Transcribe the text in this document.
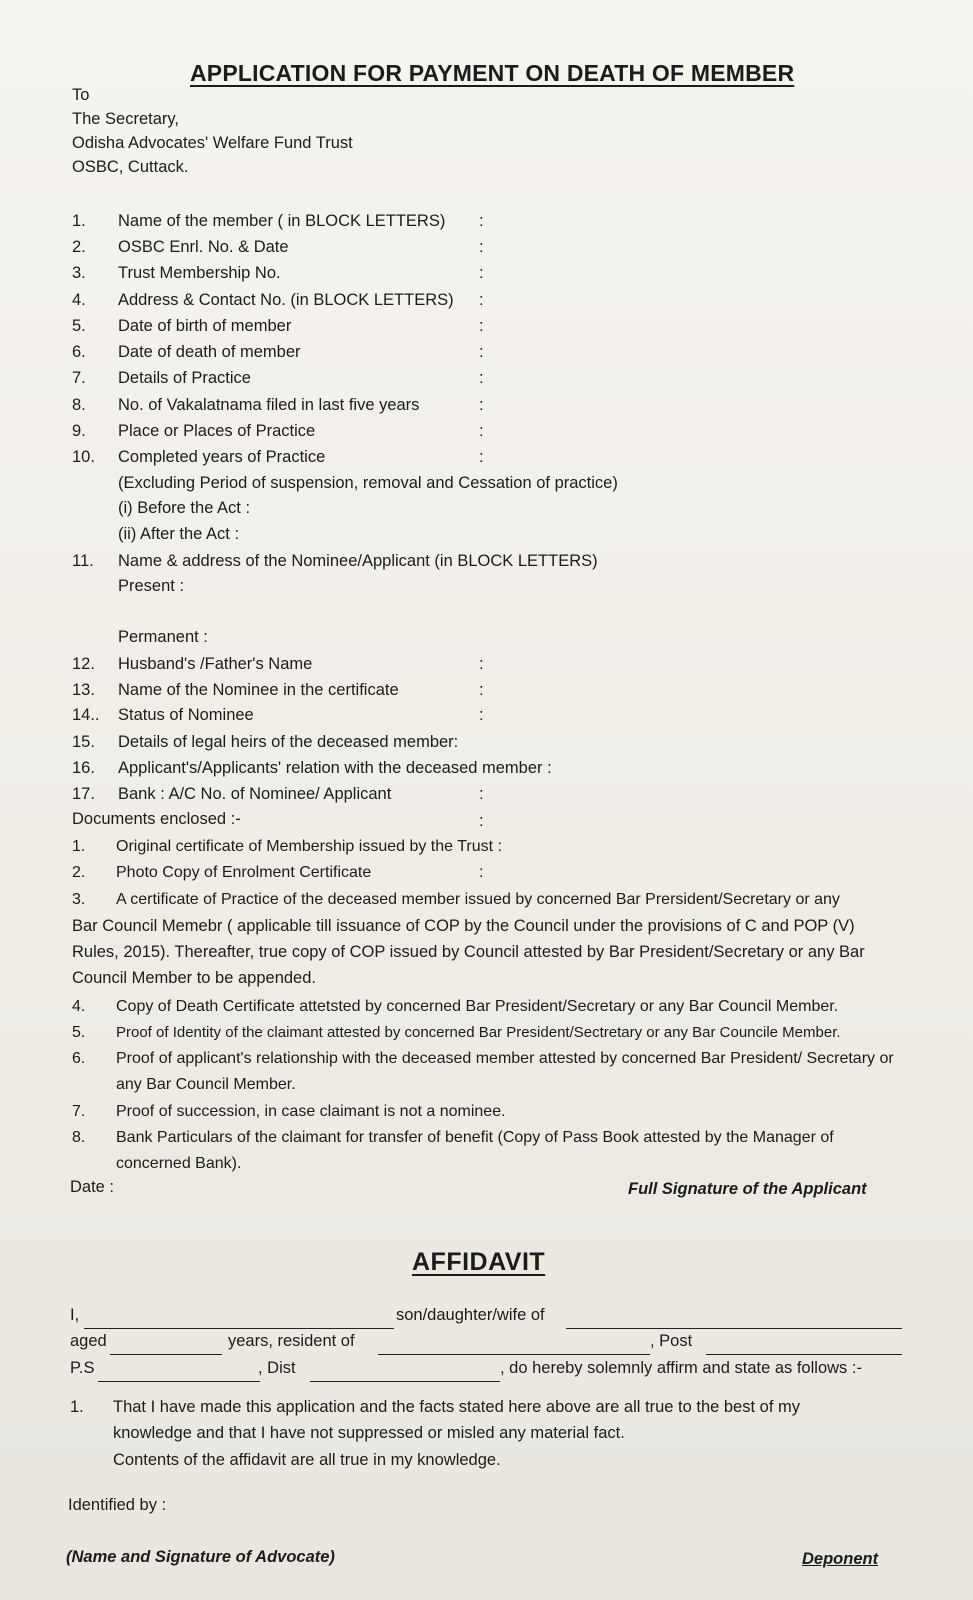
APPLICATION FOR PAYMENT ON DEATH OF MEMBER
To
The Secretary,
Odisha Advocates' Welfare Fund Trust
OSBC, Cuttack.
1. Name of the member ( in BLOCK LETTERS) :
2. OSBC Enrl. No. & Date	:
3. Trust Membership No.	:
4. Address & Contact No. (in BLOCK LETTERS) :
5. Date of birth of member	:
6. Date of death of member	:
7. Details of Practice	:
8. No. of Vakalatnama filed in last five years	:
9. Place or Places of Practice	:
10. Completed years of Practice	:
(Excluding Period of suspension, removal and Cessation of practice)
(i) Before the Act :
(ii) After the Act :
11. Name & address of the Nominee/Applicant (in BLOCK LETTERS)
Present :
Permanent :
12. Husband's /Father's Name	:
13. Name of the Nominee in the certificate	:
14.. Status of Nominee	:
15. Details of legal heirs of the deceased member:
16. Applicant's/Applicants' relation with the deceased member :
17. Bank : A/C No. of Nominee/ Applicant	:
Documents enclosed :-	:
1. Original certificate of Membership issued by the Trust :
2. Photo Copy of Enrolment Certificate	:
3. A certificate of Practice of the deceased member issued by concerned Bar Prersident/Secretary or any
Bar Council Memebr ( applicable till issuance of COP by the Council under the provisions of C and POP (V) Rules, 2015). Thereafter, true copy of COP issued by Council attested by Bar President/Secretary or any Bar Council Member to be appended.
4. Copy of Death Certificate attetsted by concerned Bar President/Secretary or any Bar Council Member.
5. Proof of Identity of the claimant attested by concerned Bar President/Sectretary or any Bar Councile Member.
6. Proof of applicant's relationship with the deceased member attested by concerned Bar President/ Secretary or any Bar Council Member.
7. Proof of succession, in case claimant is not a nominee.
8. Bank Particulars of the claimant for transfer of benefit (Copy of Pass Book attested by the Manager of concerned Bank).
Date :	Full Signature of the Applicant
AFFIDAVIT
I,	son/daughter/wife of
aged	years, resident of	, Post
P.S	, Dist	, do hereby solemnly affirm and state as follows :-
1. That I have made this application and the facts stated here above are all true to the best of my
knowledge and that I have not suppressed or misled any material fact.
Contents of the affidavit are all true in my knowledge.
Identified by :
(Name and Signature of Advocate)	Deponent
